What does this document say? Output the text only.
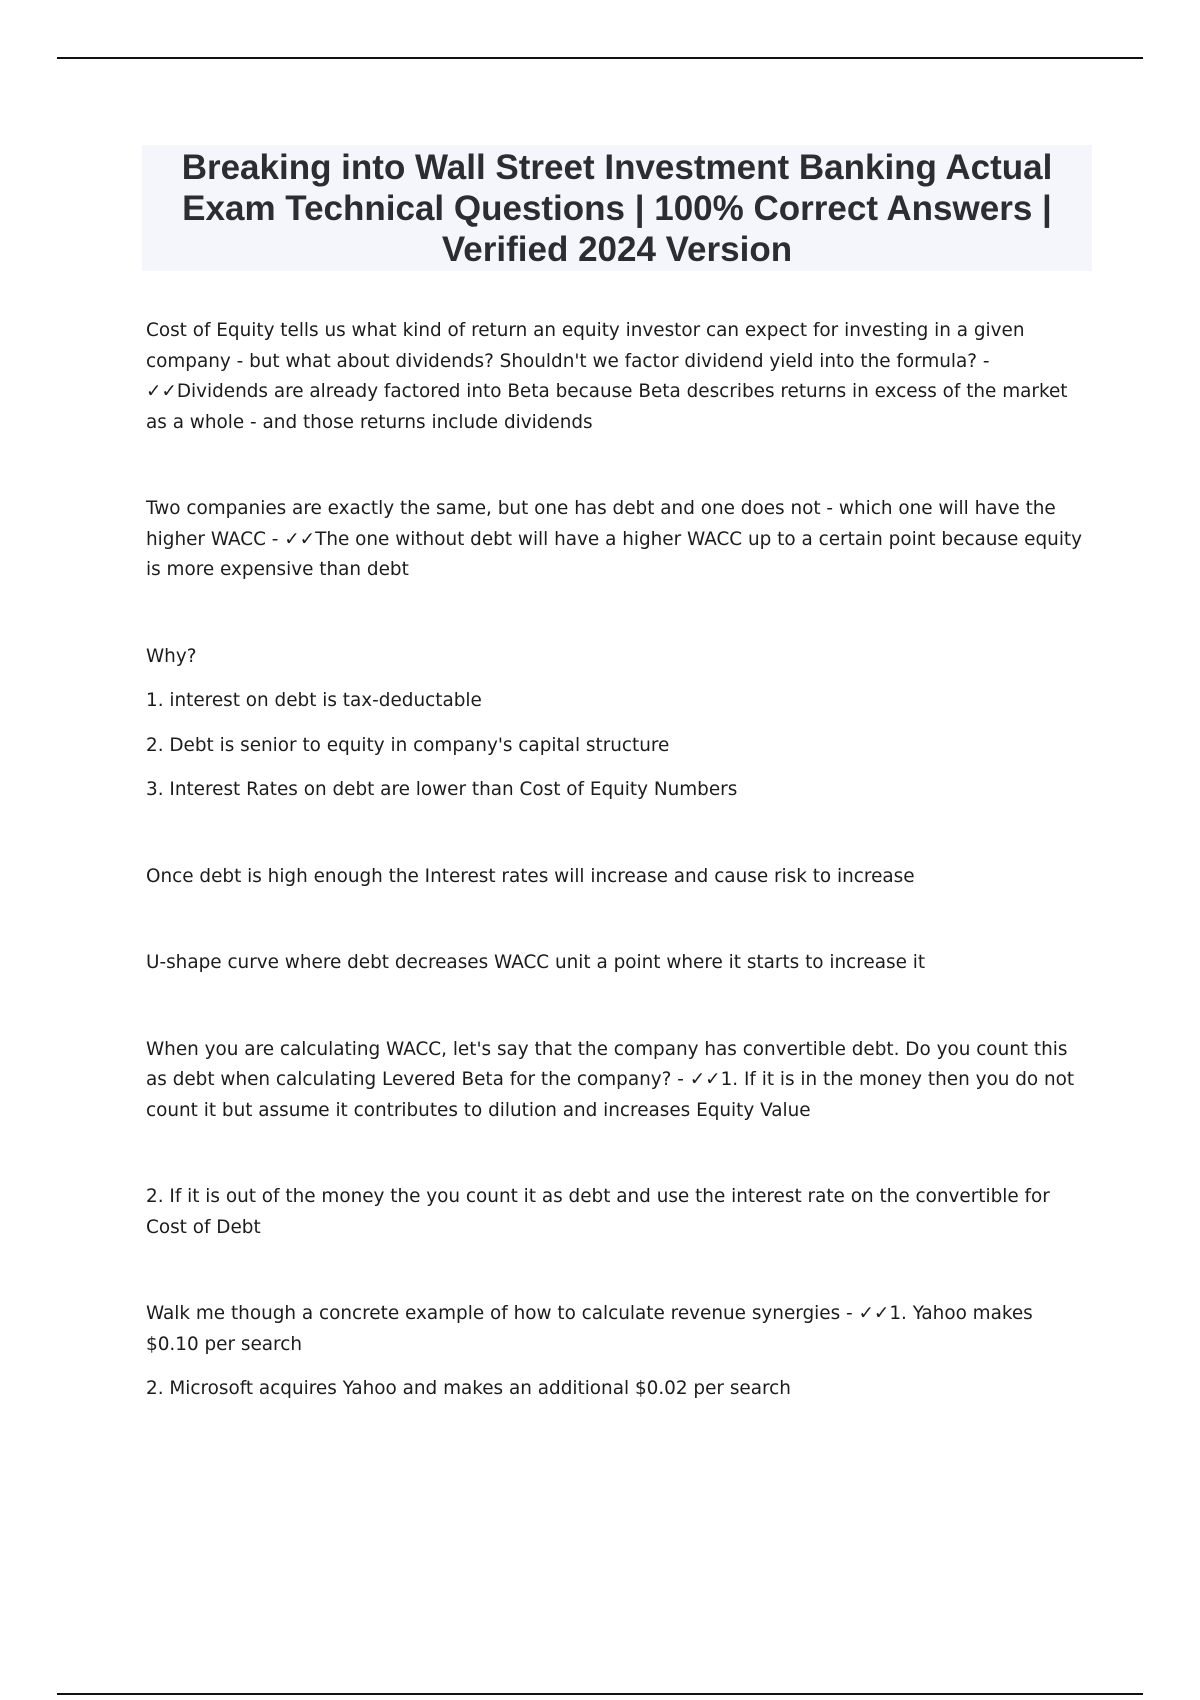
Breaking into Wall Street Investment Banking Actual Exam Technical Questions | 100% Correct Answers | Verified 2024 Version

Cost of Equity tells us what kind of return an equity investor can expect for investing in a given company - but what about dividends? Shouldn't we factor dividend yield into the formula? - ✓✓Dividends are already factored into Beta because Beta describes returns in excess of the market as a whole - and those returns include dividends

Two companies are exactly the same, but one has debt and one does not - which one will have the higher WACC - ✓✓The one without debt will have a higher WACC up to a certain point because equity is more expensive than debt

Why?

1. interest on debt is tax-deductable

2. Debt is senior to equity in company's capital structure

3. Interest Rates on debt are lower than Cost of Equity Numbers

Once debt is high enough the Interest rates will increase and cause risk to increase

U-shape curve where debt decreases WACC unit a point where it starts to increase it

When you are calculating WACC, let's say that the company has convertible debt. Do you count this as debt when calculating Levered Beta for the company? - ✓✓1. If it is in the money then you do not count it but assume it contributes to dilution and increases Equity Value

2. If it is out of the money the you count it as debt and use the interest rate on the convertible for Cost of Debt

Walk me though a concrete example of how to calculate revenue synergies - ✓✓1. Yahoo makes $0.10 per search

2. Microsoft acquires Yahoo and makes an additional $0.02 per search
